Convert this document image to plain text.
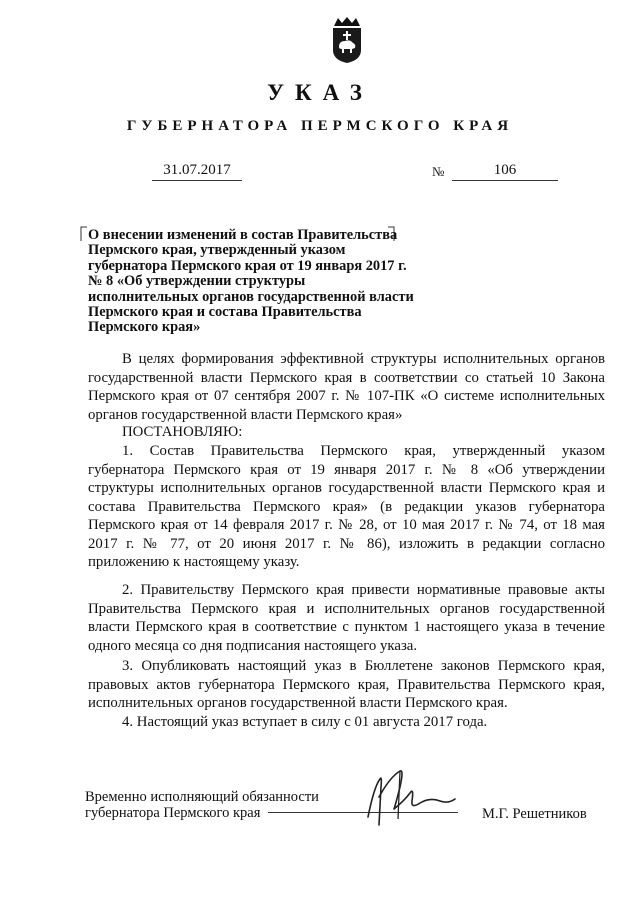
УКАЗ
ГУБЕРНАТОРА ПЕРМСКОГО КРАЯ
31.07.2017	№	106

О внесении изменений в состав Правительства Пермского края, утвержденный указом губернатора Пермского края от 19 января 2017 г. № 8 «Об утверждении структуры исполнительных органов государственной власти Пермского края и состава Правительства Пермского края»

В целях формирования эффективной структуры исполнительных органов государственной власти Пермского края в соответствии со статьей 10 Закона Пермского края от 07 сентября 2007 г. № 107-ПК «О системе исполнительных органов государственной власти Пермского края»

ПОСТАНОВЛЯЮ:

1. Состав Правительства Пермского края, утвержденный указом губернатора Пермского края от 19 января 2017 г. № 8 «Об утверждении структуры исполнительных органов государственной власти Пермского края и состава Правительства Пермского края» (в редакции указов губернатора Пермского края от 14 февраля 2017 г. № 28, от 10 мая 2017 г. № 74, от 18 мая 2017 г. № 77, от 20 июня 2017 г. № 86), изложить в редакции согласно приложению к настоящему указу.

2. Правительству Пермского края привести нормативные правовые акты Правительства Пермского края и исполнительных органов государственной власти Пермского края в соответствие с пунктом 1 настоящего указа в течение одного месяца со дня подписания настоящего указа.

3. Опубликовать настоящий указ в Бюллетене законов Пермского края, правовых актов губернатора Пермского края, Правительства Пермского края, исполнительных органов государственной власти Пермского края.

4. Настоящий указ вступает в силу с 01 августа 2017 года.

Временно исполняющий обязанности
губернатора Пермского края	М.Г. Решетников
